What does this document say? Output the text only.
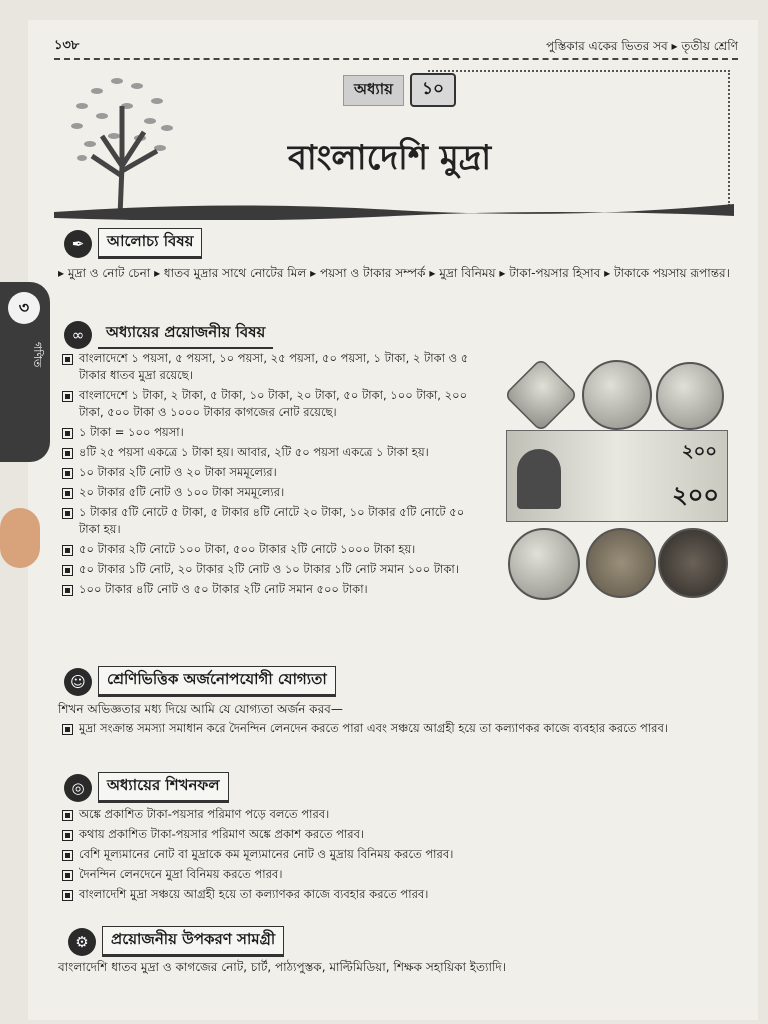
৩
গণিত
১৩৮	পুস্তিকার একের ভিতর সব ▸ তৃতীয় শ্রেণি
অধ্যায়	১০
বাংলাদেশি মুদ্রা
✒	আলোচ্য বিষয়
▸ মুদ্রা ও নোট চেনা ▸ ধাতব মুদ্রার সাথে নোটের মিল ▸ পয়সা ও টাকার সম্পর্ক ▸ মুদ্রা বিনিময় ▸ টাকা-পয়সার হিসাব ▸ টাকাকে পয়সায় রূপান্তর।
∞	অধ্যায়ের প্রয়োজনীয় বিষয়
বাংলাদেশে ১ পয়সা, ৫ পয়সা, ১০ পয়সা, ২৫ পয়সা, ৫০ পয়সা, ১ টাকা, ২ টাকা ও ৫ টাকার ধাতব মুদ্রা রয়েছে।
বাংলাদেশে ১ টাকা, ২ টাকা, ৫ টাকা, ১০ টাকা, ২০ টাকা, ৫০ টাকা, ১০০ টাকা, ২০০ টাকা, ৫০০ টাকা ও ১০০০ টাকার কাগজের নোট রয়েছে।
১ টাকা = ১০০ পয়সা।
৪টি ২৫ পয়সা একত্রে ১ টাকা হয়। আবার, ২টি ৫০ পয়সা একত্রে ১ টাকা হয়।
১০ টাকার ২টি নোট ও ২০ টাকা সমমূল্যের।
২০ টাকার ৫টি নোট ও ১০০ টাকা সমমূল্যের।
১ টাকার ৫টি নোটে ৫ টাকা, ৫ টাকার ৪টি নোটে ২০ টাকা, ১০ টাকার ৫টি নোটে ৫০ টাকা হয়।
৫০ টাকার ২টি নোটে ১০০ টাকা, ৫০০ টাকার ২টি নোটে ১০০০ টাকা হয়।
৫০ টাকার ১টি নোট, ২০ টাকার ২টি নোট ও ১০ টাকার ১টি নোট সমান ১০০ টাকা।
১০০ টাকার ৪টি নোট ও ৫০ টাকার ২টি নোট সমান ৫০০ টাকা।
২০০
২০০
☺	শ্রেণিভিত্তিক অর্জনোপযোগী যোগ্যতা
শিখন অভিজ্ঞতার মধ্য দিয়ে আমি যে যোগ্যতা অর্জন করব—
মুদ্রা সংক্রান্ত সমস্যা সমাধান করে দৈনন্দিন লেনদেন করতে পারা এবং সঞ্চয়ে আগ্রহী হয়ে তা কল্যাণকর কাজে ব্যবহার করতে পারব।
◎	অধ্যায়ের শিখনফল
অঙ্কে প্রকাশিত টাকা-পয়সার পরিমাণ পড়ে বলতে পারব।
কথায় প্রকাশিত টাকা-পয়সার পরিমাণ অঙ্কে প্রকাশ করতে পারব।
বেশি মূল্যমানের নোট বা মুদ্রাকে কম মূল্যমানের নোট ও মুদ্রায় বিনিময় করতে পারব।
দৈনন্দিন লেনদেনে মুদ্রা বিনিময় করতে পারব।
বাংলাদেশি মুদ্রা সঞ্চয়ে আগ্রহী হয়ে তা কল্যাণকর কাজে ব্যবহার করতে পারব।
⚙	প্রয়োজনীয় উপকরণ সামগ্রী
বাংলাদেশি ধাতব মুদ্রা ও কাগজের নোট, চার্ট, পাঠ্যপুস্তক, মাল্টিমিডিয়া, শিক্ষক সহায়িকা ইত্যাদি।
